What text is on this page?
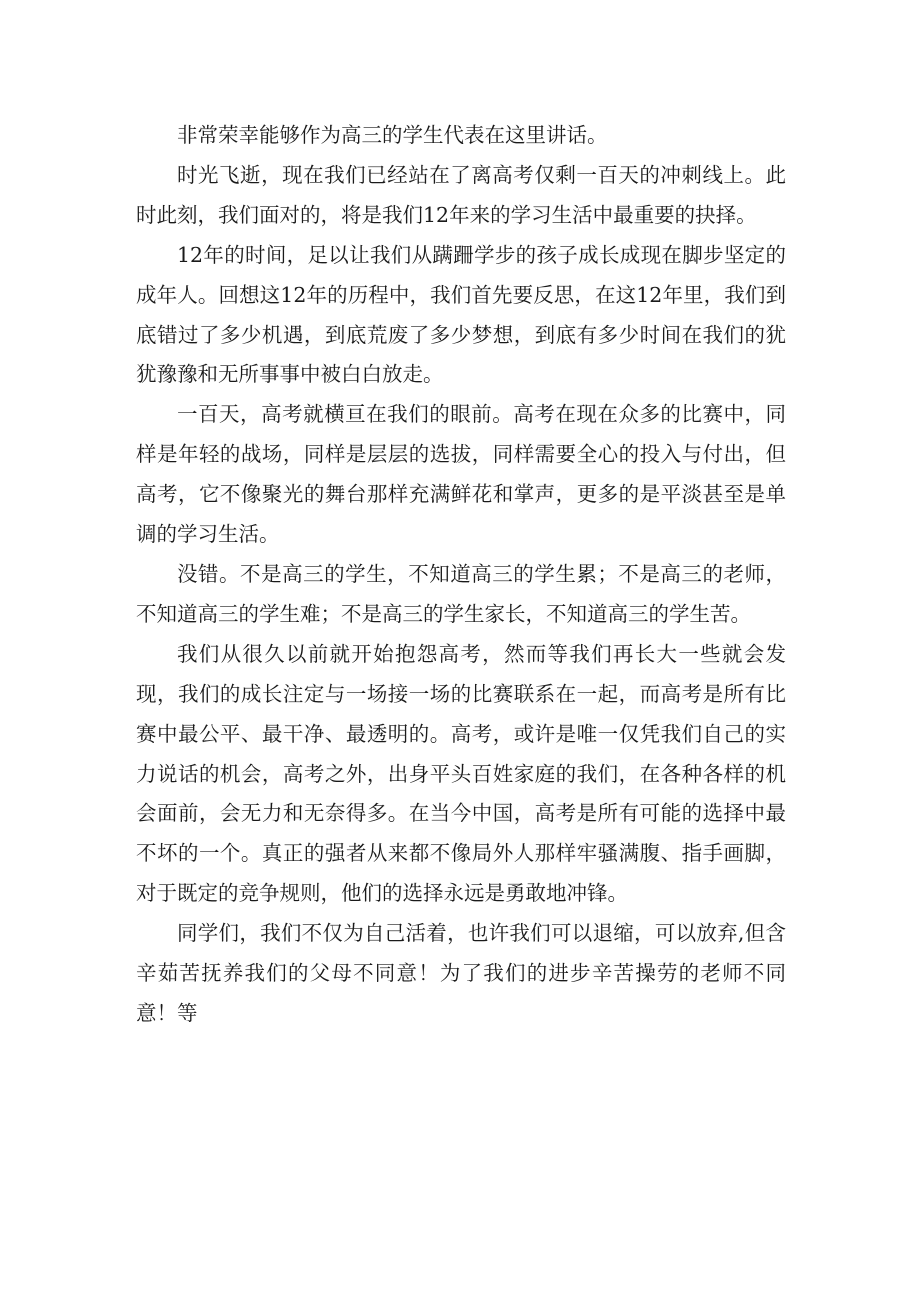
非常荣幸能够作为高三的学生代表在这里讲话。

时光飞逝，现在我们已经站在了离高考仅剩一百天的冲刺线上。此时此刻，我们面对的，将是我们12年来的学习生活中最重要的抉择。

12年的时间，足以让我们从蹒跚学步的孩子成长成现在脚步坚定的成年人。回想这12年的历程中，我们首先要反思，在这12年里，我们到底错过了多少机遇，到底荒废了多少梦想，到底有多少时间在我们的犹犹豫豫和无所事事中被白白放走。

一百天，高考就横亘在我们的眼前。高考在现在众多的比赛中，同样是年轻的战场，同样是层层的选拔，同样需要全心的投入与付出，但高考，它不像聚光的舞台那样充满鲜花和掌声，更多的是平淡甚至是单调的学习生活。

没错。不是高三的学生，不知道高三的学生累；不是高三的老师，不知道高三的学生难；不是高三的学生家长，不知道高三的学生苦。

我们从很久以前就开始抱怨高考，然而等我们再长大一些就会发现，我们的成长注定与一场接一场的比赛联系在一起，而高考是所有比赛中最公平、最干净、最透明的。高考，或许是唯一仅凭我们自己的实力说话的机会，高考之外，出身平头百姓家庭的我们，在各种各样的机会面前，会无力和无奈得多。在当今中国，高考是所有可能的选择中最不坏的一个。真正的强者从来都不像局外人那样牢骚满腹、指手画脚，对于既定的竞争规则，他们的选择永远是勇敢地冲锋。

同学们，我们不仅为自己活着，也许我们可以退缩，可以放弃,但含辛茹苦抚养我们的父母不同意！为了我们的进步辛苦操劳的老师不同意！等
